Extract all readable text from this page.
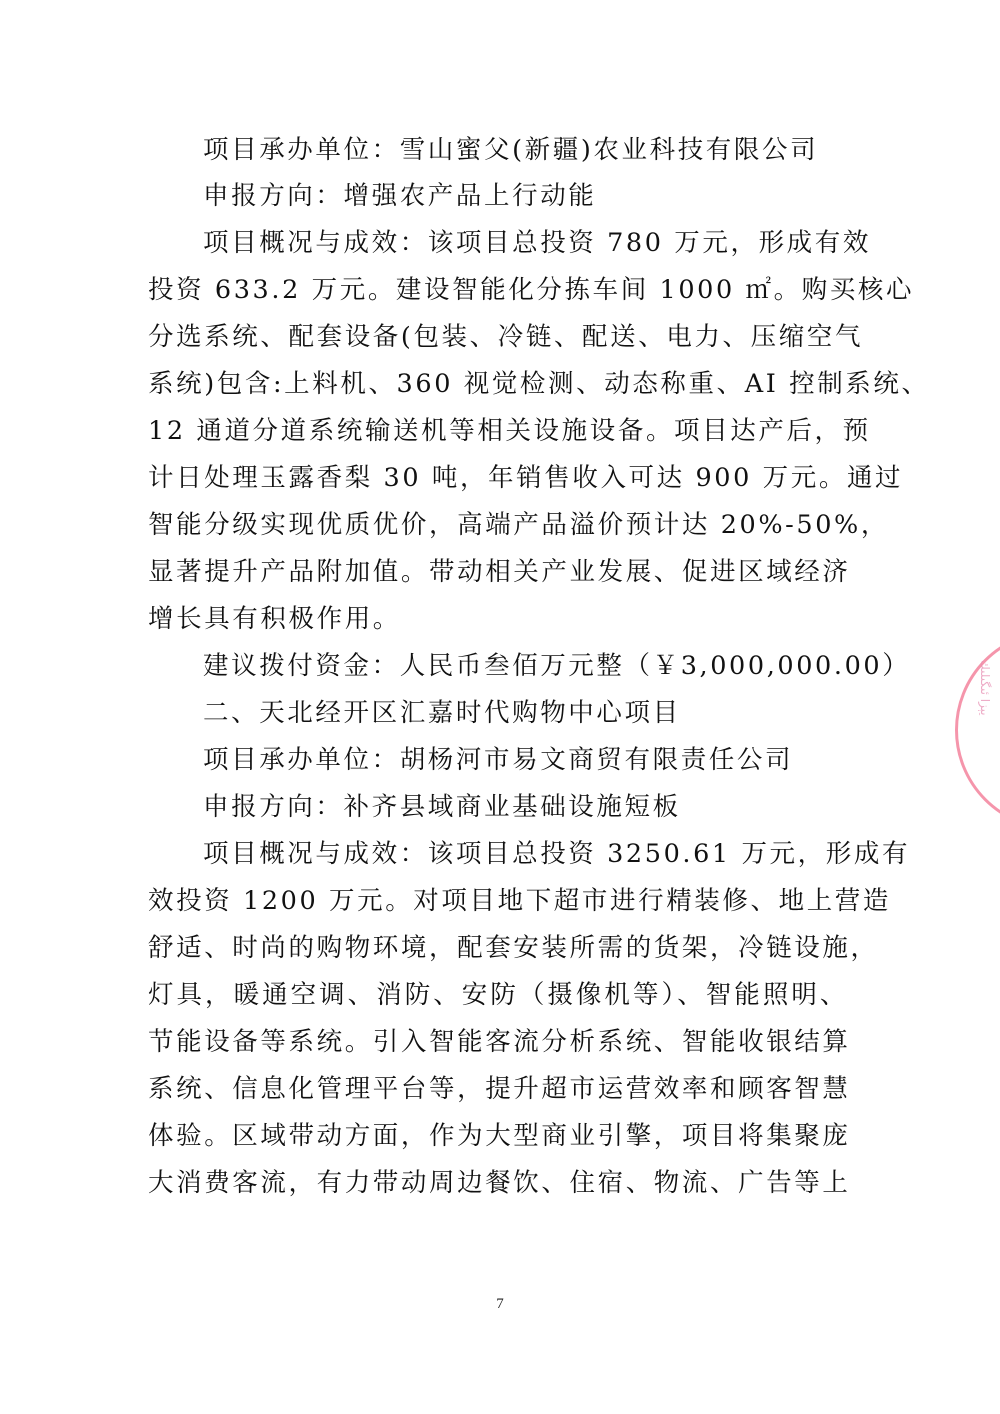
项目承办单位：雪山蜜父(新疆)农业科技有限公司
申报方向：增强农产品上行动能
项目概况与成效：该项目总投资 780 万元，形成有效
投资 633.2 万元。建设智能化分拣车间 1000 ㎡。购买核心
分选系统、配套设备(包装、冷链、配送、电力、压缩空气
系统)包含:上料机、360 视觉检测、动态称重、AI 控制系统、
12 通道分道系统输送机等相关设施设备。项目达产后，预
计日处理玉露香梨 30 吨，年销售收入可达 900 万元。通过
智能分级实现优质优价，高端产品溢价预计达 20%-50%，
显著提升产品附加值。带动相关产业发展、促进区域经济
增长具有积极作用。
建议拨付资金：人民币叁佰万元整（￥3,000,000.00）
二、天北经开区汇嘉时代购物中心项目
项目承办单位：胡杨河市易文商贸有限责任公司
申报方向：补齐县域商业基础设施短板
项目概况与成效：该项目总投资 3250.61 万元，形成有
效投资 1200 万元。对项目地下超市进行精装修、地上营造
舒适、时尚的购物环境，配套安装所需的货架，冷链设施，
灯具，暖通空调、消防、安防（摄像机等）、智能照明、
节能设备等系统。引入智能客流分析系统、智能收银结算
系统、信息化管理平台等，提升超市运营效率和顾客智慧
体验。区域带动方面，作为大型商业引擎，项目将集聚庞
大消费客流，有力带动周边餐饮、住宿、物流、广告等上
يېزا ئىگىلىك
7
